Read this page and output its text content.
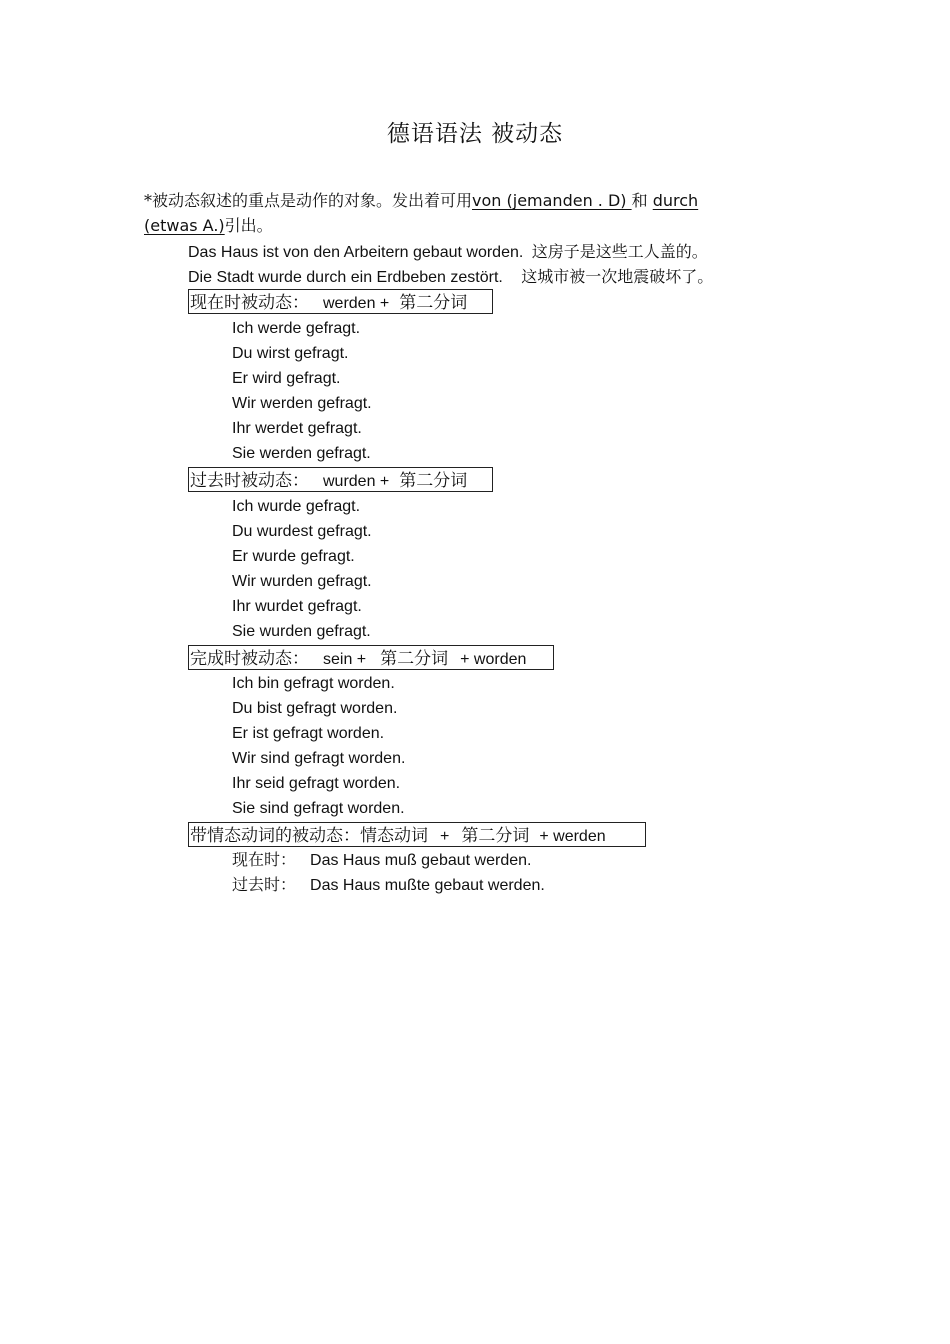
德语语法 被动态
*被动态叙述的重点是动作的对象。发出着可用von (jemanden . D) 和 durch
(etwas A.)引出。
Das Haus ist von den Arbeitern gebaut worden. 这房子是这些工人盖的。
Die Stadt wurde durch ein Erdbeben zestört. 这城市被一次地震破坏了。
现在时被动态： werden + 第二分词
Ich werde gefragt.
Du wirst gefragt.
Er wird gefragt.
Wir werden gefragt.
Ihr werdet gefragt.
Sie werden gefragt.
过去时被动态： wurden + 第二分词
Ich wurde gefragt.
Du wurdest gefragt.
Er wurde gefragt.
Wir wurden gefragt.
Ihr wurdet gefragt.
Sie wurden gefragt.
完成时被动态： sein + 第二分词 + worden
Ich bin gefragt worden.
Du bist gefragt worden.
Er ist gefragt worden.
Wir sind gefragt worden.
Ihr seid gefragt worden.
Sie sind gefragt worden.
带情态动词的被动态：情态动词 + 第二分词 + werden
现在时： Das Haus muß gebaut werden.
过去时： Das Haus mußte gebaut werden.
